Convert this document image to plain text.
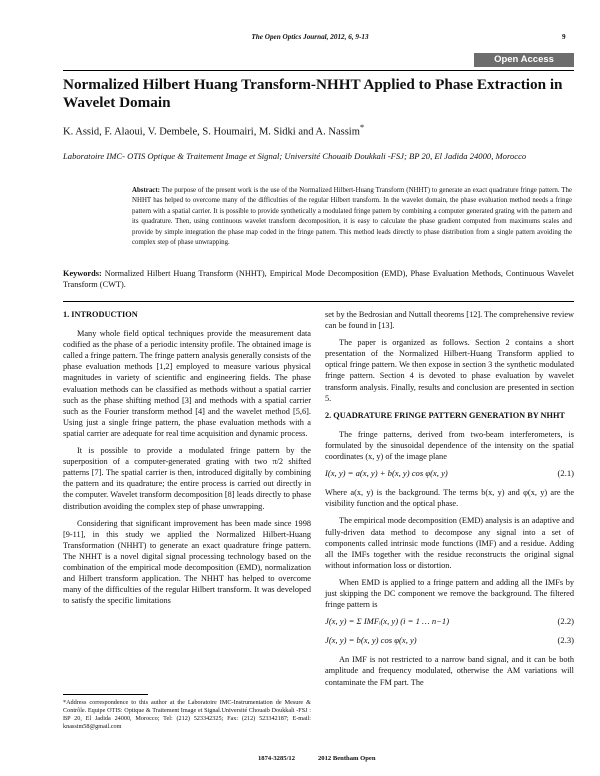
The Open Optics Journal, 2012, 6, 9-13	9
Open Access
Normalized Hilbert Huang Transform-NHHT Applied to Phase Extraction in Wavelet Domain
K. Assid, F. Alaoui, V. Dembele, S. Houmairi, M. Sidki and A. Nassim*
Laboratoire IMC- OTIS Optique & Traitement Image et Signal; Université Chouaib Doukkali -FSJ; BP 20, El Jadida 24000, Morocco
Abstract: The purpose of the present work is the use of the Normalized Hilbert-Huang Transform (NHHT) to generate an exact quadrature fringe pattern. The NHHT has helped to overcome many of the difficulties of the regular Hilbert transform. In the wavelet domain, the phase evaluation method needs a fringe pattern with a spatial carrier. It is possible to provide synthetically a modulated fringe pattern by combining a computer generated grating with the pattern and its quadrature. Then, using continuous wavelet transform decomposition, it is easy to calculate the phase gradient computed from maximums scales and provide by simple integration the phase map coded in the fringe pattern. This method leads directly to phase distribution from a single pattern avoiding the complex step of phase unwrapping.
Keywords: Normalized Hilbert Huang Transform (NHHT), Empirical Mode Decomposition (EMD), Phase Evaluation Methods, Continuous Wavelet Transform (CWT).
1. INTRODUCTION

Many whole field optical techniques provide the measurement data codified as the phase of a periodic intensity profile. The obtained image is called a fringe pattern. The fringe pattern analysis generally consists of the phase evaluation methods [1,2] employed to measure various physical magnitudes in variety of scientific and engineering fields. The phase evaluation methods can be classified as methods without a spatial carrier such as the phase shifting method [3] and methods with a spatial carrier such as the Fourier transform method [4] and the wavelet method [5,6]. Using just a single fringe pattern, the phase evaluation methods with a spatial carrier are adequate for real time acquisition and dynamic process.

It is possible to provide a modulated fringe pattern by the superposition of a computer-generated grating with two π/2 shifted patterns [7]. The spatial carrier is then, introduced digitally by combining the pattern and its quadrature; the entire process is carried out directly in the computer. Wavelet transform decomposition [8] leads directly to phase distribution avoiding the complex step of phase unwrapping.

Considering that significant improvement has been made since 1998 [9-11], in this study we applied the Normalized Hilbert-Huang Transformation (NHHT) to generate an exact quadrature fringe pattern. The NHHT is a novel digital signal processing technology based on the combination of the empirical mode decomposition (EMD), normalization and Hilbert transform application. The NHHT has helped to overcome many of the difficulties of the regular Hilbert transform. It was developed to satisfy the specific limitations

set by the Bedrosian and Nuttall theorems [12]. The comprehensive review can be found in [13].

The paper is organized as follows. Section 2 contains a short presentation of the Normalized Hilbert-Huang Transform applied to optical fringe pattern. We then expose in section 3 the synthetic modulated fringe pattern. Section 4 is devoted to phase evaluation by wavelet transform analysis. Finally, results and conclusion are presented in section 5.

2. QUADRATURE FRINGE PATTERN GENERATION BY NHHT

The fringe patterns, derived from two-beam interferometers, is formulated by the sinusoidal dependence of the intensity on the spatial coordinates (x, y) of the image plane

I(x, y) = a(x, y) + b(x, y) cos φ(x, y)	(2.1)

Where a(x, y) is the background. The terms b(x, y) and φ(x, y) are the visibility function and the optical phase.

The empirical mode decomposition (EMD) analysis is an adaptive and fully-driven data method to decompose any signal into a set of components called intrinsic mode functions (IMF) and a residue. Adding all the IMFs together with the residue reconstructs the original signal without information loss or distortion.

When EMD is applied to a fringe pattern and adding all the IMFs by just skipping the DC component we remove the background. The filtered fringe pattern is

J(x, y) = Σ IMFᵢ(x, y) (i = 1 … n−1)	(2.2)
J(x, y) = b(x, y) cos φ(x, y)	(2.3)

An IMF is not restricted to a narrow band signal, and it can be both amplitude and frequency modulated, otherwise the AM variations will contaminate the FM part. The

*Address correspondence to this author at the Laboratoire IMC-Instrumentation de Mesure & Contrôle. Equipe OTIS: Optique & Traitement Image et Signal.Université Chouaib Doukkali -FSJ : BP 20, El Jadida 24000, Morocco; Tel: (212) 523342325; Fax: (212) 523342187; E-mail: knassim58@gmail.com
1874-3285/12	2012 Bentham Open
